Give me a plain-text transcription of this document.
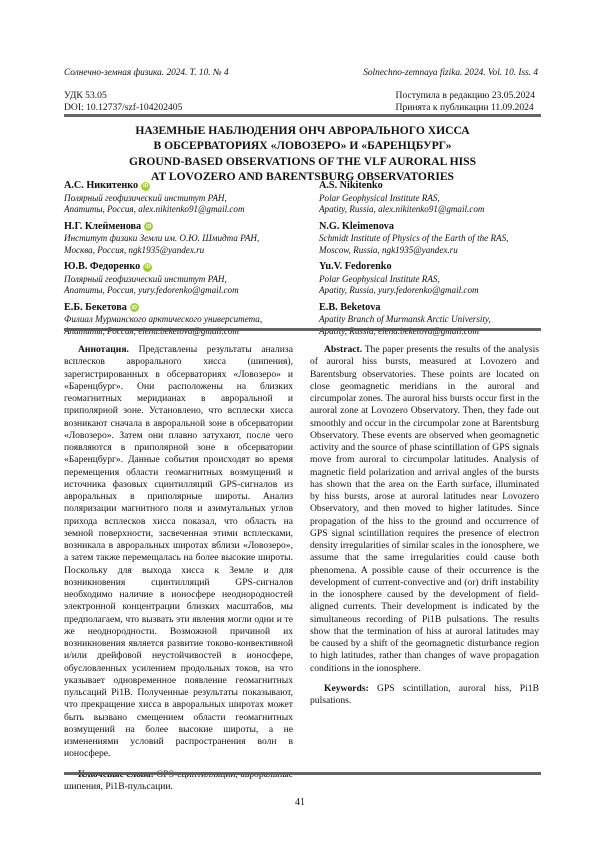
Солнечно-земная физика. 2024. Т. 10. № 4	Solnechno-zemnaya fizika. 2024. Vol. 10. Iss. 4
УДК 53.05
DOI: 10.12737/szf-104202405
Поступила в редакцию 23.05.2024
Принята к публикации 11.09.2024
НАЗЕМНЫЕ НАБЛЮДЕНИЯ ОНЧ АВРОРАЛЬНОГО ХИССА
В ОБСЕРВАТОРИЯХ «ЛОВОЗЕРО» И «БАРЕНЦБУРГ»
GROUND-BASED OBSERVATIONS OF THE VLF AURORAL HISS
AT LOVOZERO AND BARENTSBURG OBSERVATORIES
А.С. Никитенко	iD
Полярный геофизический институт РАН,
Апатиты, Россия, alex.nikitenko91@gmail.com
Н.Г. Клейменова	iD
Институт физики Земли им. О.Ю. Шмидта РАН,
Москва, Россия, ngk1935@yandex.ru
Ю.В. Федоренко	iD
Полярный геофизический институт РАН,
Апатиты, Россия, yury.fedorenko@gmail.com
Е.Б. Бекетова	iD
Филиал Мурманского арктического университета,
A.S. Nikitenko
Polar Geophysical Institute RAS,
Apatity, Russia, alex.nikitenko91@gmail.com
N.G. Kleimenova
Schmidt Institute of Physics of the Earth of the RAS,
Moscow, Russia, ngk1935@yandex.ru
Yu.V. Fedorenko
Polar Geophysical Institute RAS,
Apatity, Russia, yury.fedorenko@gmail.com
E.B. Beketova
Apatity Branch of Murmansk Arctic University,

Аннотация. Представлены результаты анализа всплесков аврорального хисса (шипения), зарегистрированных в обсерваториях «Ловозеро» и «Баренцбург». Они расположены на близких геомагнитных меридианах в авроральной и приполярной зоне. Установлено, что всплески хисса возникают сначала в авроральной зоне в обсерватории «Ловозеро». Затем они плавно затухают, после чего появляются в приполярной зоне в обсерватории «Баренцбург». Данные события происходят во время перемещения области геомагнитных возмущений и источника фазовых сцинтилляций GPS-сигналов из авроральных в приполярные широты. Анализ поляризации магнитного поля и азимутальных углов прихода всплесков хисса показал, что область на земной поверхности, засвеченная этими всплесками, возникала в авроральных широтах вблизи «Ловозеро», а затем также перемещалась на более высокие широты. Поскольку для выхода хисса к Земле и для возникновения сцинтилляций GPS-сигналов необходимо наличие в ионосфере неоднородностей электронной концентрации близких масштабов, мы предполагаем, что вызвать эти явления могли одни и те же неоднородности. Возможной причиной их возникновения является развитие токово-конвективной и/или дрейфовой неустойчивостей в ионосфере, обусловленных усилением продольных токов, на что указывает одновременное появление геомагнитных пульсаций Pi1B. Полученные результаты показывают, что прекращение хисса в авроральных широтах может быть вызвано смещением области геомагнитных возмущений на более высокие широты, а не изменениями условий распространения волн в ионосфере.

шипения, Pi1B-пульсации.

Abstract. The paper presents the results of the analysis of auroral hiss bursts, measured at Lovozero and Barentsburg observatories. These points are located on close geomagnetic meridians in the auroral and circumpolar zones. The auroral hiss bursts occur first in the auroral zone at Lovozero Observatory. Then, they fade out smoothly and occur in the circumpolar zone at Barentsburg Observatory. These events are observed when geomagnetic activity and the source of phase scintillation of GPS signals move from auroral to circumpolar latitudes. Analysis of magnetic field polarization and arrival angles of the bursts has shown that the area on the Earth surface, illuminated by hiss bursts, arose at auroral latitudes near Lovozero Observatory, and then moved to higher latitudes. Since propagation of the hiss to the ground and occurrence of GPS signal scintillation requires the presence of electron density irregularities of similar scales in the ionosphere, we assume that the same irregularities could cause both phenomena. A possible cause of their occurrence is the development of current-convective and (or) drift instability in the ionosphere caused by the development of field-aligned currents. Their development is indicated by the simultaneous recording of Pi1B pulsations. The results show that the termination of hiss at auroral latitudes may be caused by a shift of the geomagnetic disturbance region to high latitudes, rather than changes of wave propagation conditions in the ionosphere.

Keywords: GPS scintillation, auroral hiss, Pi1B pulsations.

41
